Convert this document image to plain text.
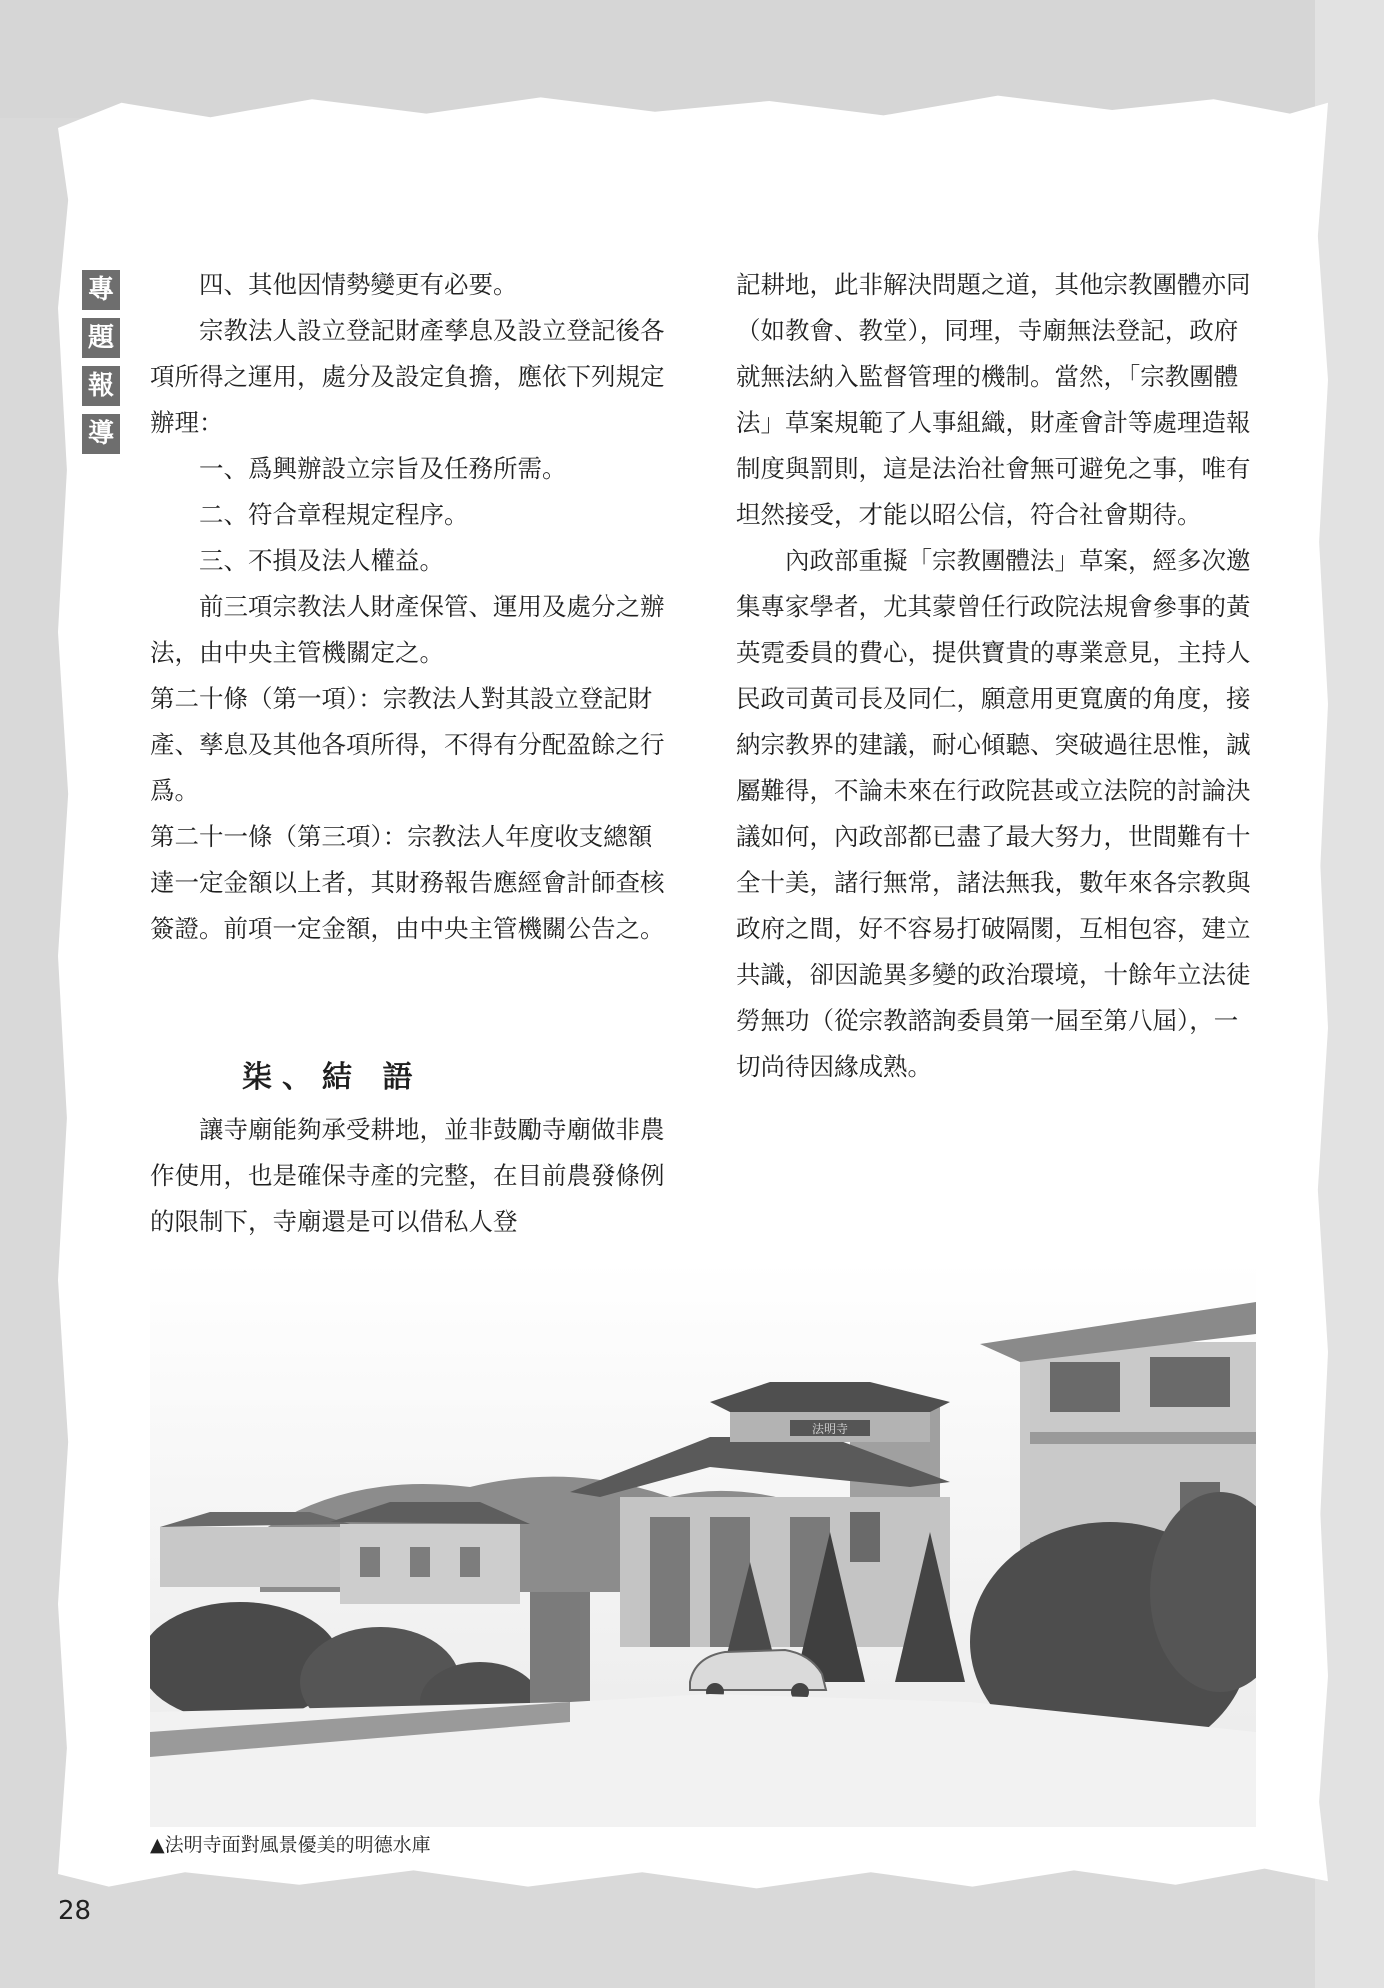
專
題
報
導

四、其他因情勢變更有必要。

宗教法人設立登記財產孳息及設立登記後各項所得之運用，處分及設定負擔，應依下列規定辦理：

一、爲興辦設立宗旨及任務所需。

二、符合章程規定程序。

三、不損及法人權益。

前三項宗教法人財產保管、運用及處分之辦法，由中央主管機關定之。

第二十條（第一項）：宗教法人對其設立登記財產、孳息及其他各項所得，不得有分配盈餘之行爲。

第二十一條（第三項）：宗教法人年度收支總額達一定金額以上者，其財務報告應經會計師查核簽證。前項一定金額，由中央主管機關公告之。

柒、結 語

讓寺廟能夠承受耕地，並非鼓勵寺廟做非農作使用，也是確保寺產的完整，在目前農發條例的限制下，寺廟還是可以借私人登

記耕地，此非解決問題之道，其他宗教團體亦同（如教會、教堂），同理，寺廟無法登記，政府就無法納入監督管理的機制。當然，「宗教團體法」草案規範了人事組織，財產會計等處理造報制度與罰則，這是法治社會無可避免之事，唯有坦然接受，才能以昭公信，符合社會期待。

內政部重擬「宗教團體法」草案，經多次邀集專家學者，尤其蒙曾任行政院法規會參事的黃英霓委員的費心，提供寶貴的專業意見，主持人民政司黃司長及同仁，願意用更寬廣的角度，接納宗教界的建議，耐心傾聽、突破過往思惟，誠屬難得，不論未來在行政院甚或立法院的討論決議如何，內政部都已盡了最大努力，世間難有十全十美，諸行無常，諸法無我，數年來各宗教與政府之間，好不容易打破隔閡，互相包容，建立共識，卻因詭異多變的政治環境，十餘年立法徒勞無功（從宗教諮詢委員第一屆至第八屆），一切尚待因緣成熟。

法明寺
▲法明寺面對風景優美的明德水庫
28
